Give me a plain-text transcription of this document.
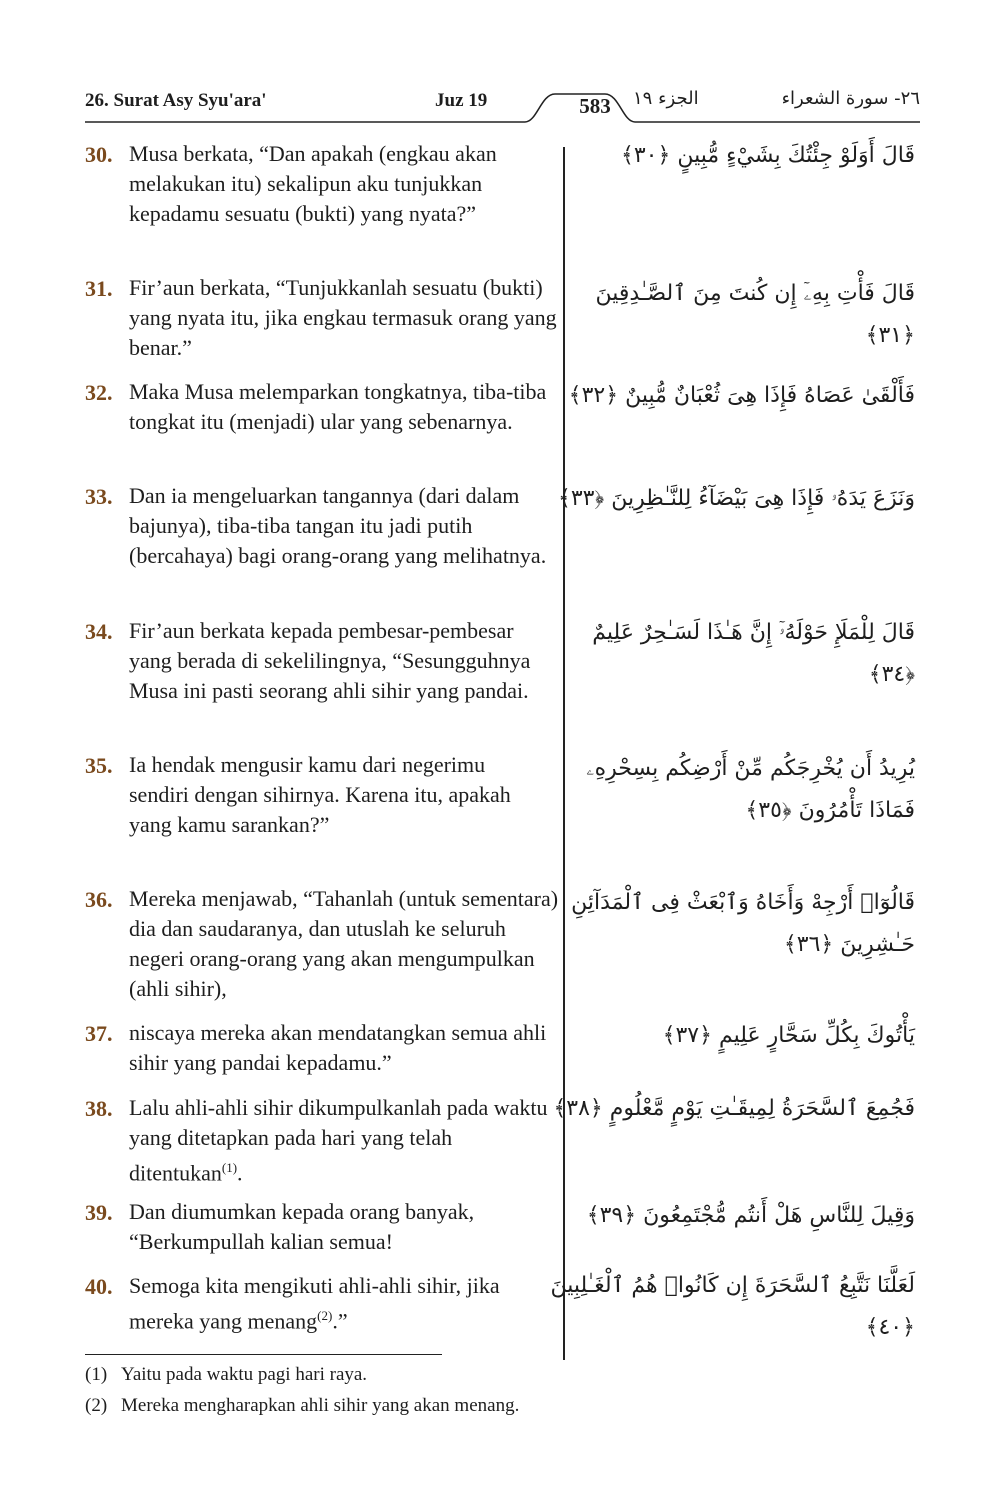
26. Surat Asy Syu'ara'	Juz 19	583	الجزء ١٩	٢٦- سورة الشعراء
30. Musa berkata, “Dan apakah (engkau akan melakukan itu) sekalipun aku tunjukkan kepadamu sesuatu (bukti) yang nyata?”
قَالَ أَوَلَوْ جِئْتُكَ بِشَيْءٍ مُّبِينٍ ﴿٣٠﴾
31. Fir’aun berkata, “Tunjukkanlah sesuatu (bukti) yang nyata itu, jika engkau termasuk orang yang benar.”
قَالَ فَأْتِ بِهِۦٓ إِن كُنتَ مِنَ ٱلصَّـٰدِقِينَ ﴿٣١﴾
32. Maka Musa melemparkan tongkatnya, tiba-tiba tongkat itu (menjadi) ular yang sebenarnya.
فَأَلْقَىٰ عَصَاهُ فَإِذَا هِىَ ثُعْبَانٌ مُّبِينٌ ﴿٣٢﴾
33. Dan ia mengeluarkan tangannya (dari dalam bajunya), tiba-tiba tangan itu jadi putih (bercahaya) bagi orang-orang yang melihatnya.
وَنَزَعَ يَدَهُۥ فَإِذَا هِىَ بَيْضَآءُ لِلنَّـٰظِرِينَ ﴿٣٣﴾
34. Fir’aun berkata kepada pembesar-pembesar yang berada di sekelilingnya, “Sesungguhnya Musa ini pasti seorang ahli sihir yang pandai.
قَالَ لِلْمَلَإِ حَوْلَهُۥٓ إِنَّ هَـٰذَا لَسَـٰحِرٌ عَلِيمٌ ﴿٣٤﴾
35. Ia hendak mengusir kamu dari negerimu sendiri dengan sihirnya. Karena itu, apakah yang kamu sarankan?”
يُرِيدُ أَن يُخْرِجَكُم مِّنْ أَرْضِكُم بِسِحْرِهِۦ فَمَاذَا تَأْمُرُونَ ﴿٣٥﴾
36. Mereka menjawab, “Tahanlah (untuk sementara) dia dan saudaranya, dan utuslah ke seluruh negeri orang-orang yang akan mengumpulkan (ahli sihir),
قَالُوٓا۟ أَرْجِهْ وَأَخَاهُ وَٱبْعَثْ فِى ٱلْمَدَآئِنِ حَـٰشِرِينَ ﴿٣٦﴾
37. niscaya mereka akan mendatangkan semua ahli sihir yang pandai kepadamu.”
يَأْتُوكَ بِكُلِّ سَحَّارٍ عَلِيمٍ ﴿٣٧﴾
38. Lalu ahli-ahli sihir dikumpulkanlah pada waktu yang ditetapkan pada hari yang telah ditentukan$^{(1)}$.
فَجُمِعَ ٱلسَّحَرَةُ لِمِيقَـٰتِ يَوْمٍ مَّعْلُومٍ ﴿٣٨﴾
39. Dan diumumkan kepada orang banyak, “Berkumpullah kalian semua!
وَقِيلَ لِلنَّاسِ هَلْ أَنتُم مُّجْتَمِعُونَ ﴿٣٩﴾
40. Semoga kita mengikuti ahli-ahli sihir, jika mereka yang menang$^{(2)}$.”
لَعَلَّنَا نَتَّبِعُ ٱلسَّحَرَةَ إِن كَانُوا۟ هُمُ ٱلْغَـٰلِبِينَ ﴿٤٠﴾
(1) Yaitu pada waktu pagi hari raya.
(2) Mereka mengharapkan ahli sihir yang akan menang.
